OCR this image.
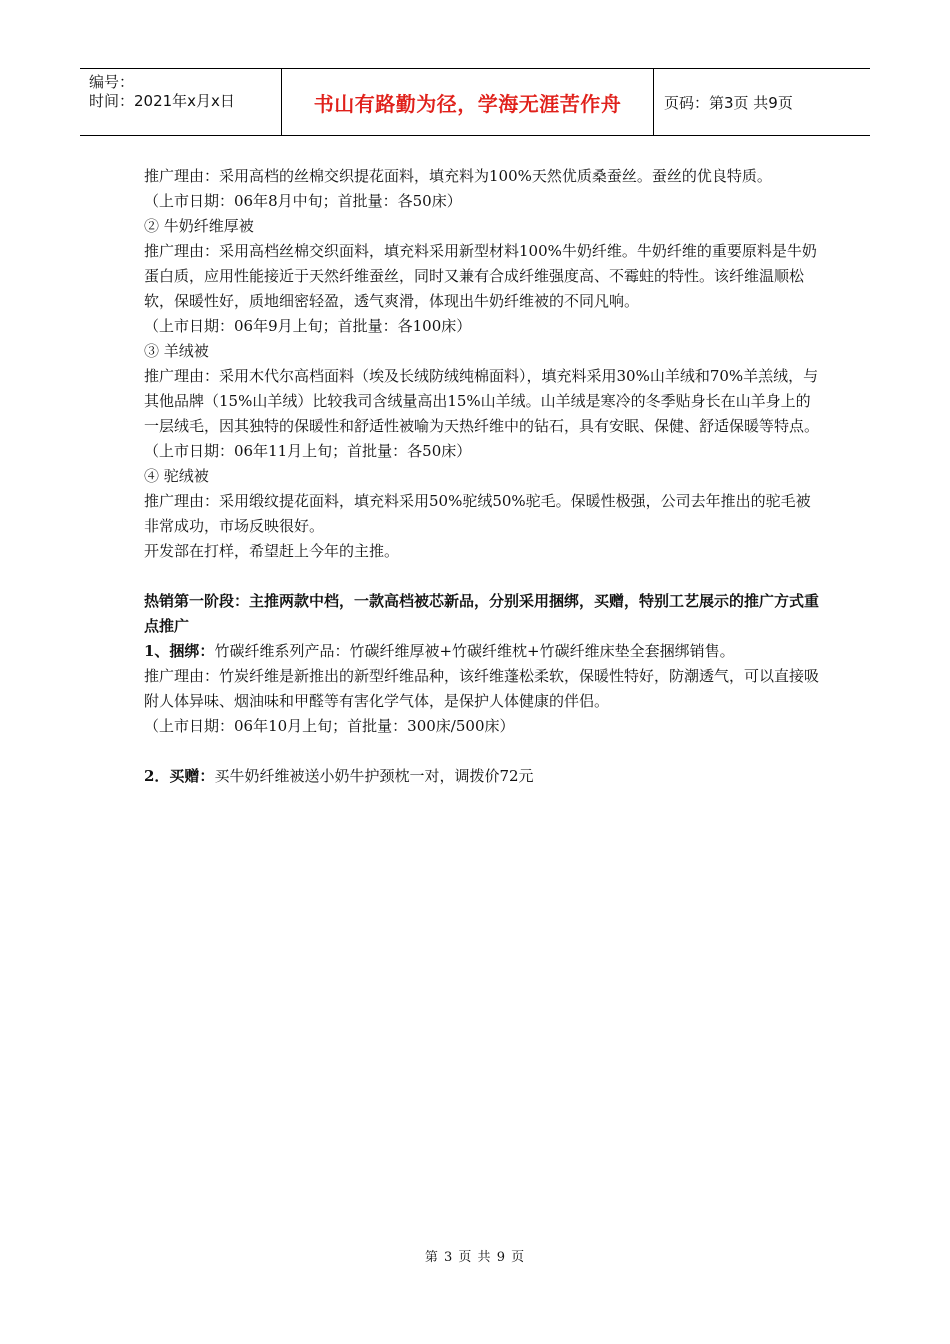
编号：
时间：2021年x月x日	书山有路勤为径，学海无涯苦作舟	页码：第3页 共9页

推广理由：采用高档的丝棉交织提花面料，填充料为100%天然优质桑蚕丝。蚕丝的优良特质。

（上市日期：06年8月中旬；首批量：各50床）

② 牛奶纤维厚被

推广理由：采用高档丝棉交织面料，填充料采用新型材料100%牛奶纤维。牛奶纤维的重要原料是牛奶蛋白质，应用性能接近于天然纤维蚕丝，同时又兼有合成纤维强度高、不霉蛀的特性。该纤维温顺松软，保暖性好，质地细密轻盈，透气爽滑，体现出牛奶纤维被的不同凡响。

（上市日期：06年9月上旬；首批量：各100床）

③ 羊绒被

推广理由：采用木代尔高档面料（埃及长绒防绒纯棉面料），填充料采用30%山羊绒和70%羊羔绒，与其他品牌（15%山羊绒）比较我司含绒量高出15%山羊绒。山羊绒是寒冷的冬季贴身长在山羊身上的一层绒毛，因其独特的保暖性和舒适性被喻为天热纤维中的钻石，具有安眠、保健、舒适保暖等特点。

（上市日期：06年11月上旬；首批量：各50床）

④ 驼绒被

推广理由：采用缎纹提花面料，填充料采用50%驼绒50%驼毛。保暖性极强，公司去年推出的驼毛被非常成功，市场反映很好。

开发部在打样，希望赶上今年的主推。

热销第一阶段：主推两款中档，一款高档被芯新品，分别采用捆绑，买赠，特别工艺展示的推广方式重点推广

1、捆绑：竹碳纤维系列产品：竹碳纤维厚被+竹碳纤维枕+竹碳纤维床垫全套捆绑销售。

推广理由：竹炭纤维是新推出的新型纤维品种，该纤维蓬松柔软，保暖性特好，防潮透气，可以直接吸附人体异味、烟油味和甲醛等有害化学气体，是保护人体健康的伴侣。

（上市日期：06年10月上旬；首批量：300床/500床）

2．买赠：买牛奶纤维被送小奶牛护颈枕一对，调拨价72元

第 3 页 共 9 页
